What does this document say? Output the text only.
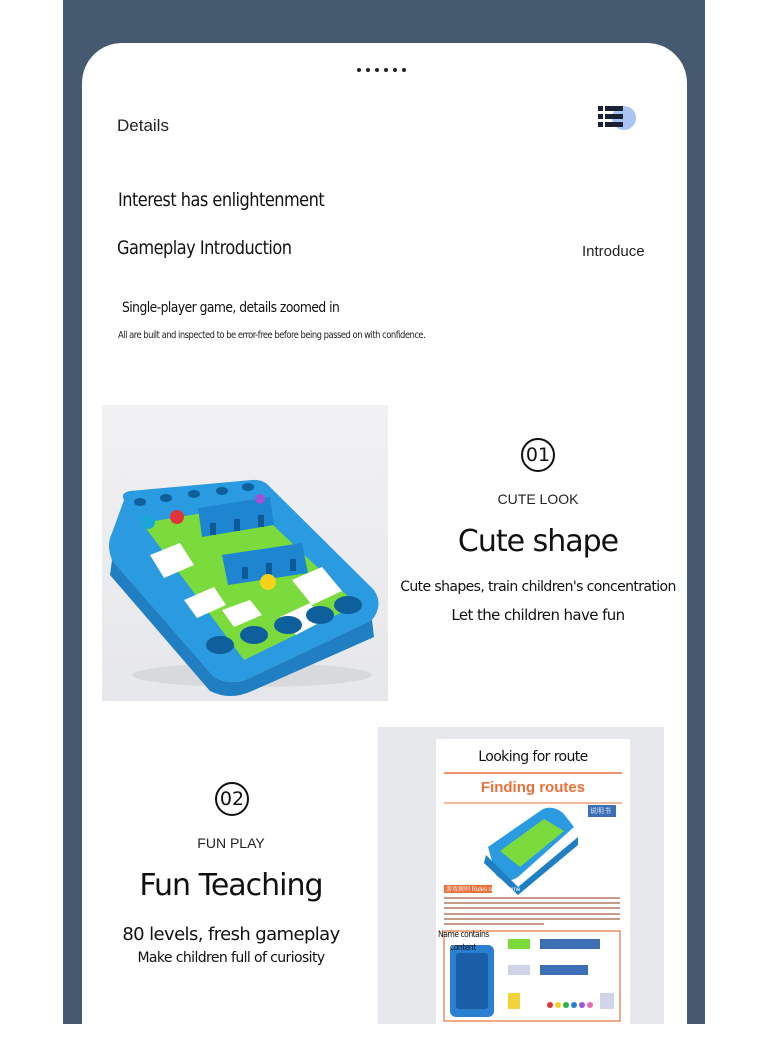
Details
Interest has enlightenment
Gameplay Introduction	Introduce
Single-player game, details zoomed in
All are built and inspected to be error-free before being passed on with confidence.
01
CUTE LOOK
Cute shape
Cute shapes, train children's concentration
Let the children have fun
Looking for route
Finding routes
说明书
游戏规则 Rules of the game
Name contains
content
02
FUN PLAY
Fun Teaching
80 levels, fresh gameplay
Make children full of curiosity
